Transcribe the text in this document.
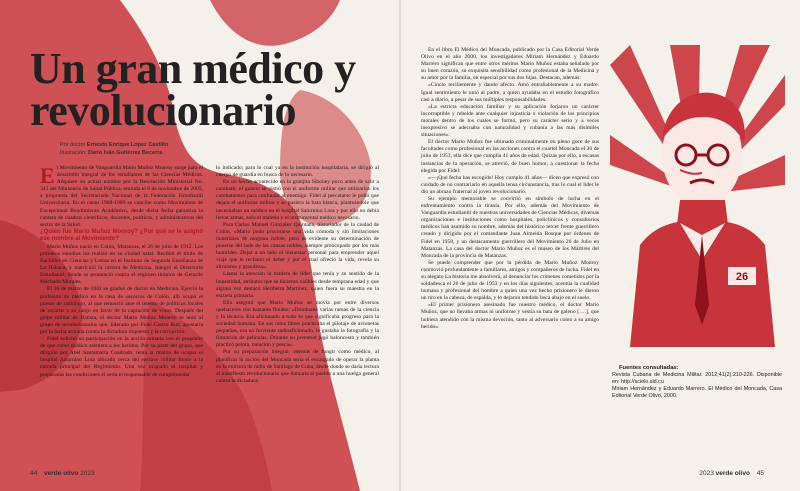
Un gran médico y
revolucionario
Por doctor Ernesto Enrique López Castillo
Ilustración: Darío Iván Gutiérrez Becerra

El Movimiento de Vanguardia Mario Muñoz Monroy surge para el desarrollo integral de los estudiantes de las Ciencias Médicas. Adquiere su actual nombre por la Resolución Ministerial No. 343 del Ministerio de Salud Pública, emitida el 8 de noviembre de 2005, a propuesta del Secretariado Nacional de la Federación Estudiantil Universitaria. En el curso 1988-1989 se concibe como Movimiento de Excepcional Rendimiento Académico, desde dicha fecha garantiza la cantera de cuadros científicos, docentes, políticos, y administrativos del sector de la Salud.

¿Quién fue Mario Muñoz Monroy? ¿Por qué se le asignó ese nombre al Movimiento?

Mario Muñoz nació en Colón, Matanzas, el 26 de julio de 1912. Los primeros estudios los realizó en su ciudad natal. Recibió el título de Bachiller en Ciencias y Letras en el Instituto de Segunda Enseñanza de La Habana, y matriculó la carrera de Medicina. Integró el Directorio Estudiantil, donde se pronunció contra el régimen tiránico de Gerardo Machado Morales.

El 16 de marzo de 1942 se graduó de doctor en Medicina. Ejerció la profesión de médico en la casa de socorros de Colón, allí ocupó el puesto de radiólogo, al que renunció ante el intento de políticos locales de recurrir a su cargo en favor de la captación de votos. Después del golpe militar de Batista, el doctor Mario Muñoz Monroy se unió al grupo de revolucionarios que, liderado por Fidel Castro Ruz, apostaría por la lucha armada contra la dictadura impuesta y la corrupción.

Fidel solicitó su participación en la acción armada con el propósito de que como médico asistiera a los heridos. Por su parte del grupo, que dirigido por Abel Santamaría Cuadrado, tenía la misión de ocupar el hospital Saturnino Lora ubicado cerca del enclave militar frente a la entrada principal del Regimiento. Una vez ocupado el hospital y preparadas las condiciones él sería el responsable de cumplimentar

lo indicado; para lo cual ya en la institución hospitalaria, se dirigió al cuerpo de guardia en busca de lo necesario.

En un hecho acontecido en la granjita Siboney poco antes de salir a combatir, el galeno se vistió con el uniforme militar que utilizarían los combatientes para confundir al enemigo. Fidel al percatarse le pidió que dejara el uniforme militar y se pusiera la bata blanca, planteándole que necesitaban un médico en el hospital Saturnino Lora y por ello no debía llevar armas, solo el maletín y el instrumental médico necesario.

Para Carlos Manuel González Quintana, historiador de la ciudad de Colón, «Mario pudo procurarse una vida cómoda y sin limitaciones materiales de ninguna índole, pero es evidente su determinación de ponerse del lado de las causas nobles, siempre preocupado por los más humildes. Dejar a un lado el bienestar personal para emprender aquel viaje que le reclamó el deber y por el cual ofreció la vida, revela su altruismo y grandeza».

Llama la atención la madera de líder que tenía y su sentido de la honestidad, atributos que se hicieron visibles desde temprana edad y que alguna vez destacó Heriberta Martínez, quien fuera su maestra en la escuela primaria.

Ella aseguró que Mario Muñoz se movía por entre diversos quehaceres con bastante fluidez: «Dominaba varias ramas de la ciencia y la técnica. Era aficionado a todo lo que significaba progreso para la sociedad humana. En sus ratos libres practicaba el pilotaje de avionetas pequeñas, era un ferviente radioaficionado, le gustaba la fotografía y la filmación de películas. Durante su juventud jugó baloncesto y también practicó pelota, natación y pesca».

Por su preparación integral, además de fungir como médico, al planificar la acción del Moncada sería el encargado de operar la planta en la emisora de radio de Santiago de Cuba, desde donde se daría lectura al manifiesto revolucionario que llamaría al pueblo a una huelga general contra la dictadura.

En el libro El Médico del Moncada, publicado por la Casa Editorial Verde Olivo en el año 2000, los investigadores Miriam Hernández y Eduardo Marrero significan que entre otros méritos Mario Muñoz estaba señalado por su buen corazón, su exquisita sensibilidad como profesional de la Medicina y su amor por la familia, en especial por sus dos hijas. Destacan, además:

«Cincio reciliemente y dando afecto. Amó entrañablemente a su madre. Igual sentimiento le unió al padre, a quien ayudaba en el estudio fotográfico casi a diario, a pesar de sus múltiples responsabilidades.

«La estricta educación familiar y su aplicación forjaron un carácter incorruptible y rebelde ante cualquier injusticia o violación de los principios morales dentro de los cuales se formó, pero su carácter serio y a veces inexpresivo se adecuaba con naturalidad y cubanía a las más disímiles situaciones».

El doctor Mario Muñoz fue ultimado criminalmente en pleno goce de sus facultades como profesional en las acciones contra el cuartel Moncada el 26 de julio de 1953, ella dice que cumplía 41 años de edad. Quizás por ello, a escasas instancias de la operación, se atrevió, de buen humor, a cuestionar la fecha elegida por Fidel:

«—¡Qué fecha has escogido! Hoy cumplo 41 años— dicen que expresó con cuidado de no contrariarlo en aquella tensa circunstancia, tras lo cual el líder le dio un abrazo fraternal al joven revolucionario.

Su ejemplo memorable se convirtió en símbolo de lucha en el enfrentamiento contra la tiranía. Por ello, además del Movimiento de Vanguardia estudiantil de nuestras universidades de Ciencias Médicas, diversas organizaciones e instituciones como hospitales, policlínicos y consultorios médicos han asumido su nombre, además del histórico tercer frente guerrillero creado y dirigido por el comandante Juan Almeida Bosque por órdenes de Fidel en 1958, y un destacamento guerrillero del Movimiento 26 de Julio en Matanzas. La casa del doctor Mario Muñoz es el museo de los Mártires del Moncada de la provincia de Matanzas.

Se puede comprender que por la pérdida de Mario Muñoz Monroy conmovió profundamente a familiares, amigos y compañeros de lucha. Fidel en su alegato La historia me absolverá, al denunciar los crímenes cometidos por la soldadesca el 26 de julio de 1953 y en los días siguientes, acentúa la cualidad humana y profesional del hombre a quien una vez hecho prisionero le dieron un tiro en la cabeza, de espalda, y lo dejaron tendido boca abajo en el suelo.

«El primer prisionero asesinado fue nuestro médico, el doctor Mario Muñoz, que no llevaba armas ni uniforme y vestía su bata de galeno [….], que hubiera atendido con la misma devoción, tanto al adversario como a su amigo herido».

26

Fuentes consultadas:

Revista Cubana de Medicina Militar. 2012;41(2):210-226. Disponible en: http://scielo.sld.cu

Miriam Hernández y Eduardo Marrero. El Médico del Moncada, Casa Editorial Verde Olivo, 2000.

44 verde olivo 2023	2023 verde olivo 45
